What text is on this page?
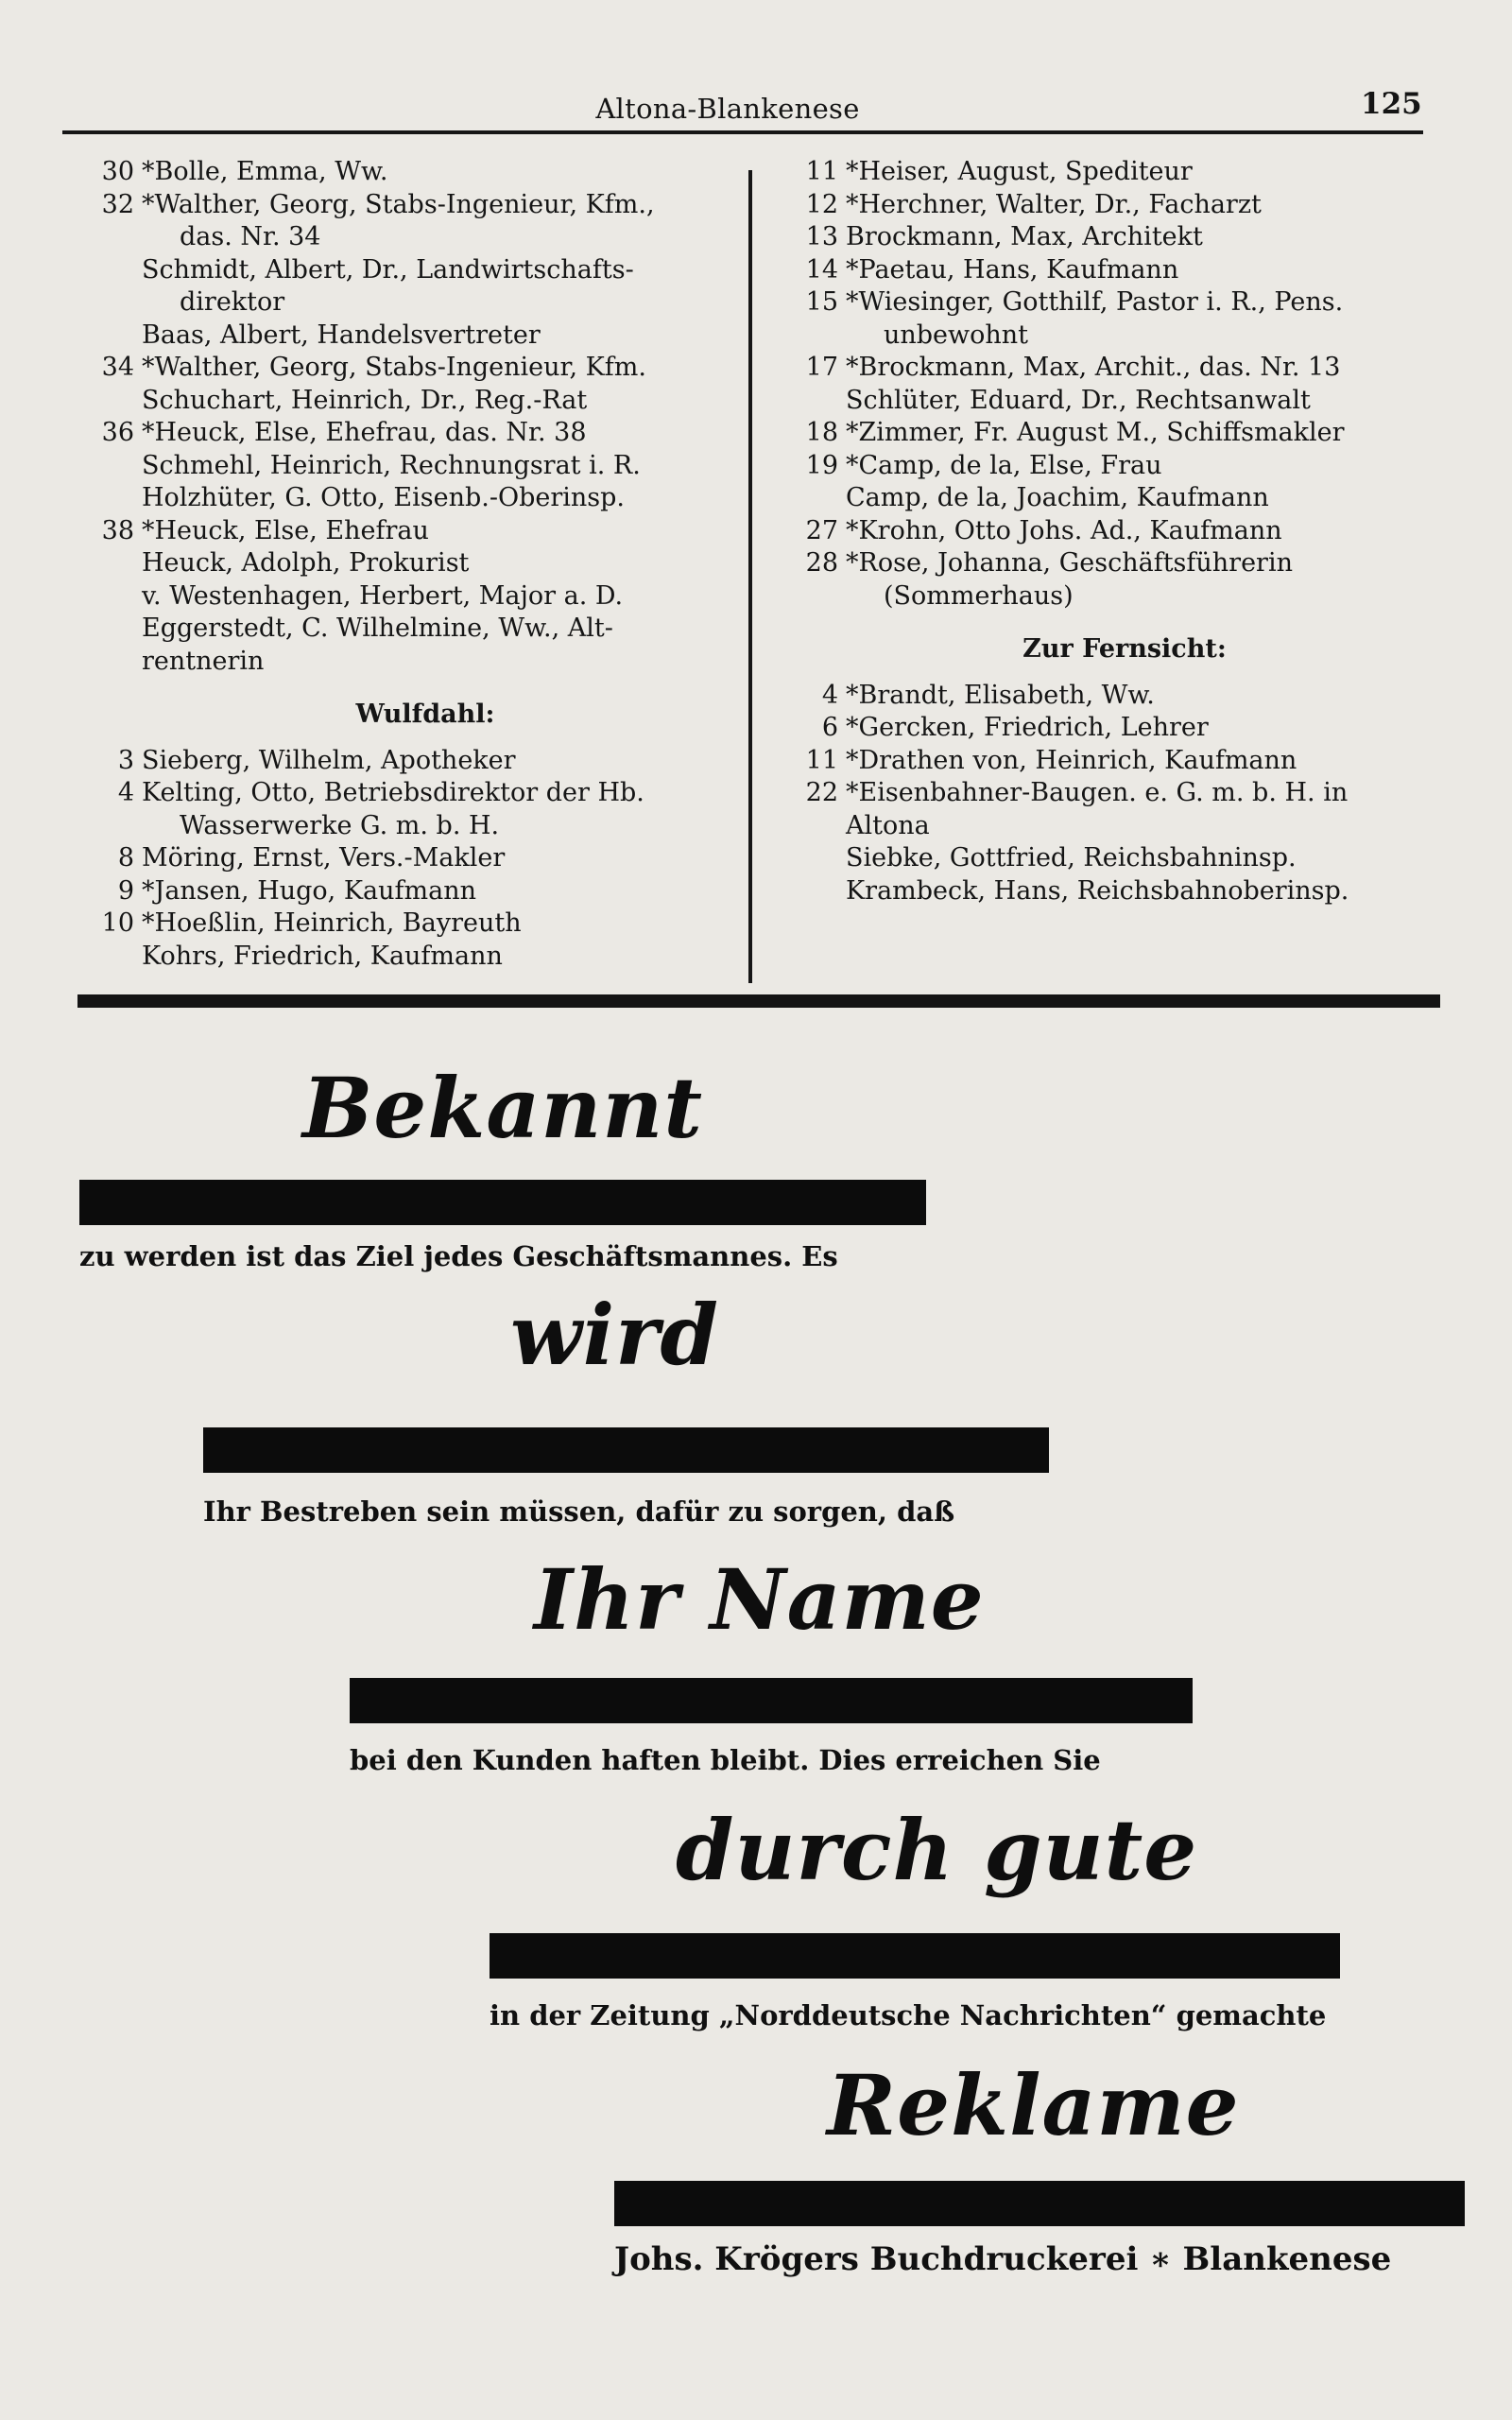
Altona-Blankenese	125
30 *Bolle, Emma, Ww.
32 *Walther, Georg, Stabs-Ingenieur, Kfm.,
das. Nr. 34
Schmidt, Albert, Dr., Landwirtschafts-
direktor
Baas, Albert, Handelsvertreter
34 *Walther, Georg, Stabs-Ingenieur, Kfm.
Schuchart, Heinrich, Dr., Reg.-Rat
36 *Heuck, Else, Ehefrau, das. Nr. 38
Schmehl, Heinrich, Rechnungsrat i. R.
Holzhüter, G. Otto, Eisenb.-Oberinsp.
38 *Heuck, Else, Ehefrau
Heuck, Adolph, Prokurist
v. Westenhagen, Herbert, Major a. D.
Eggerstedt, C. Wilhelmine, Ww., Alt-
rentnerin
Wulfdahl:
3 Sieberg, Wilhelm, Apotheker
4 Kelting, Otto, Betriebsdirektor der Hb.
Wasserwerke G. m. b. H.
8 Möring, Ernst, Vers.-Makler
9 *Jansen, Hugo, Kaufmann
10 *Hoeßlin, Heinrich, Bayreuth
Kohrs, Friedrich, Kaufmann
11 *Heiser, August, Spediteur
12 *Herchner, Walter, Dr., Facharzt
13 Brockmann, Max, Architekt
14 *Paetau, Hans, Kaufmann
15 *Wiesinger, Gotthilf, Pastor i. R., Pens.
unbewohnt
17 *Brockmann, Max, Archit., das. Nr. 13
Schlüter, Eduard, Dr., Rechtsanwalt
18 *Zimmer, Fr. August M., Schiffsmakler
19 *Camp, de la, Else, Frau
Camp, de la, Joachim, Kaufmann
27 *Krohn, Otto Johs. Ad., Kaufmann
28 *Rose, Johanna, Geschäftsführerin
(Sommerhaus)
Zur Fernsicht:
4 *Brandt, Elisabeth, Ww.
6 *Gercken, Friedrich, Lehrer
11 *Drathen von, Heinrich, Kaufmann
22 *Eisenbahner-Baugen. e. G. m. b. H. in
Altona
Siebke, Gottfried, Reichsbahninsp.
Krambeck, Hans, Reichsbahnoberinsp.
Bekannt
zu werden ist das Ziel jedes Geschäftsmannes. Es
wird
Ihr Bestreben sein müssen, dafür zu sorgen, daß
Ihr Name
bei den Kunden haften bleibt. Dies erreichen Sie
durch gute
in der Zeitung „Norddeutsche Nachrichten“ gemachte
Reklame
Johs. Krögers Buchdruckerei ∗ Blankenese
